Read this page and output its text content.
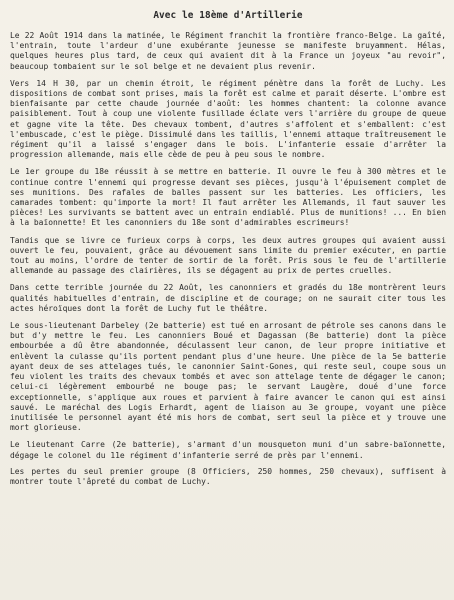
Avec le 18ème d'Artillerie

Le 22 Août 1914 dans la matinée, le Régiment franchit la frontière franco-Belge. La gaîté, l'entrain, toute l'ardeur d'une exubérante jeunesse se manifeste bruyamment. Hélas, quelques heures plus tard, de ceux qui avaient dit à la France un joyeux "au revoir", beaucoup tombaient sur le sol belge et ne devaient plus revenir.

Vers 14 H 30, par un chemin étroit, le régiment pénètre dans la forêt de Luchy. Les dispositions de combat sont prises, mais la forêt est calme et parait déserte. L'ombre est bienfaisante par cette chaude journée d'août: les hommes chantent: la colonne avance paisiblement. Tout à coup une violente fusillade éclate vers l'arrière du groupe de queue et gagne vite la tête. Des chevaux tombent, d'autres s'affolent et s'emballent: c'est l'embuscade, c'est le piège. Dissimulé dans les taillis, l'ennemi attaque traîtreusement le régiment qu'il a laissé s'engager dans le bois. L'infanterie essaie d'arrêter la progression allemande, mais elle cède de peu à peu sous le nombre.

Le 1er groupe du 18e réussit à se mettre en batterie. Il ouvre le feu à 300 mètres et le continue contre l'ennemi qui progresse devant ses pièces, jusqu'à l'épuisement complet de ses munitions. Des rafales de balles passent sur les batteries. Les officiers, les camarades tombent: qu'importe la mort! Il faut arrêter les Allemands, il faut sauver les pièces! Les survivants se battent avec un entrain endiablé. Plus de munitions! ... En bien à la baïonnette! Et les canonniers du 18e sont d'admirables escrimeurs!

Tandis que se livre ce furieux corps à corps, les deux autres groupes qui avaient aussi ouvert le feu, pouvaient, grâce au dévouement sans limite du premier exécuter, en partie tout au moins, l'ordre de tenter de sortir de la forêt. Pris sous le feu de l'artillerie allemande au passage des clairières, ils se dégagent au prix de pertes cruelles.

Dans cette terrible journée du 22 Août, les canonniers et gradés du 18e montrèrent leurs qualités habituelles d'entrain, de discipline et de courage; on ne saurait citer tous les actes héroïques dont la forêt de Luchy fut le théâtre.

Le sous-lieutenant Darbeley (2e batterie) est tué en arrosant de pétrole ses canons dans le but d'y mettre le feu. Les canonniers Boué et Dagassan (8e batterie) dont la pièce embourbée a dû être abandonnée, déculassent leur canon, de leur propre initiative et enlèvent la culasse qu'ils portent pendant plus d'une heure. Une pièce de la 5e batterie ayant deux de ses attelages tués, le canonnier Saint-Gones, qui reste seul, coupe sous un feu violent les traits des chevaux tombés et avec son attelage tente de dégager le canon; celui-ci légèrement embourbé ne bouge pas; le servant Laugère, doué d'une force exceptionnelle, s'applique aux roues et parvient à faire avancer le canon qui est ainsi sauvé. Le maréchal des Logis Erhardt, agent de liaison au 3e groupe, voyant une pièce inutilisée le personnel ayant été mis hors de combat, sert seul la pièce et y trouve une mort glorieuse.

Le lieutenant Carre (2e batterie), s'armant d'un mousqueton muni d'un sabre-baïonnette, dégage le colonel du 11e régiment d'infanterie serré de près par l'ennemi.

Les pertes du seul premier groupe (8 Officiers, 250 hommes, 250 chevaux), suffisent à montrer toute l'âpreté du combat de Luchy.
